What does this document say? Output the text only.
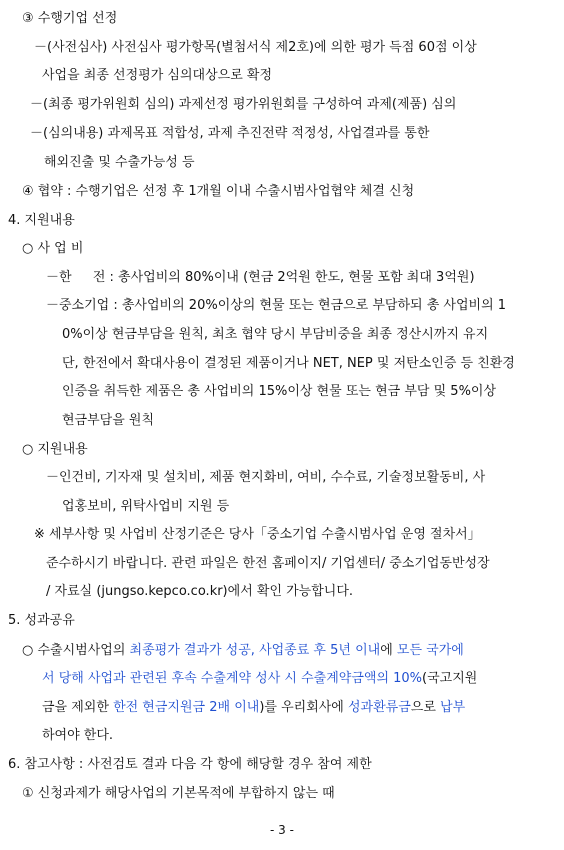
③ 수행기업 선정
－(사전심사) 사전심사 평가항목(별첨서식 제2호)에 의한 평가 득점 60점 이상
사업을 최종 선정평가 심의대상으로 확정
－(최종 평가위원회 심의) 과제선정 평가위원회를 구성하여 과제(제품) 심의
－(심의내용) 과제목표 적합성, 과제 추진전략 적정성, 사업결과를 통한
해외진출 및 수출가능성 등
④ 협약 : 수행기업은 선정 후 1개월 이내 수출시범사업협약 체결 신청
4. 지원내용
○ 사 업 비
－한 　 전 : 총사업비의 80%이내 (현금 2억원 한도, 현물 포함 최대 3억원)
－중소기업 : 총사업비의 20%이상의 현물 또는 현금으로 부담하되 총 사업비의 1
0%이상 현금부담을 원칙, 최초 협약 당시 부담비중을 최종 정산시까지 유지
단, 한전에서 확대사용이 결정된 제품이거나 NET, NEP 및 저탄소인증 등 친환경
인증을 취득한 제품은 총 사업비의 15%이상 현물 또는 현금 부담 및 5%이상
현금부담을 원칙
○ 지원내용
－인건비, 기자재 및 설치비, 제품 현지화비, 여비, 수수료, 기술정보활동비, 사
업홍보비, 위탁사업비 지원 등
※ 세부사항 및 사업비 산정기준은 당사「중소기업 수출시범사업 운영 절차서」
준수하시기 바랍니다. 관련 파일은 한전 홈페이지/ 기업센터/ 중소기업동반성장
/ 자료실 (jungso.kepco.co.kr)에서 확인 가능합니다.
5. 성과공유
○ 수출시범사업의 최종평가 결과가 성공, 사업종료 후 5년 이내에 모든 국가에
서 당해 사업과 관련된 후속 수출계약 성사 시 수출계약금액의 10%(국고지원
금을 제외한 한전 현금지원금 2배 이내)를 우리회사에 성과환류금으로 납부
하여야 한다.
6. 참고사항 : 사전검토 결과 다음 각 항에 해당할 경우 참여 제한
① 신청과제가 해당사업의 기본목적에 부합하지 않는 때
- 3 -
